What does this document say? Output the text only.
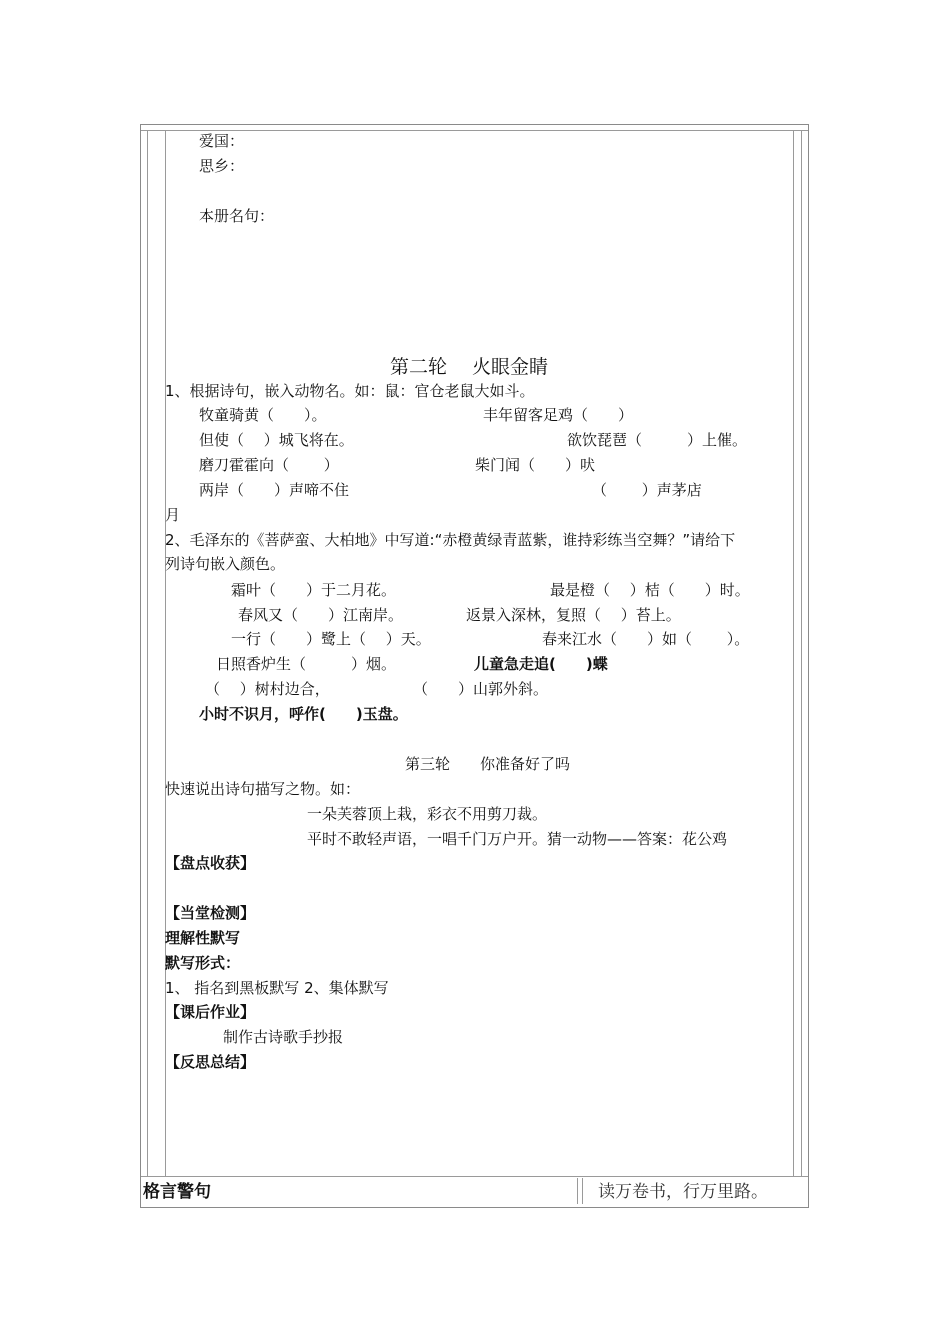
爱国：
思乡：
本册名句：
第二轮　 火眼金睛
1、根据诗句，嵌入动物名。如：鼠：官仓老鼠大如斗。
牧童骑黄（　　）。	丰年留客足鸡（　　）
但使（　 ）城飞将在。	欲饮琵琶（　　　）上催。
磨刀霍霍向（　　 ）	柴门闻（　　）吠
两岸（　　）声啼不住	（　　 ）声茅店
月
2、毛泽东的《菩萨蛮、大柏地》中写道:“赤橙黄绿青蓝紫，谁持彩练当空舞？”请给下
列诗句嵌入颜色。
霜叶（　　）于二月花。	最是橙（　 ）桔（　　）时。
春风又（　　）江南岸。	返景入深林，复照（　 ）苔上。
一行（　　）鹭上（　 ）天。	春来江水（　　）如（　　 ）。
日照香炉生（　　　）烟。	儿童急走追(　　)蝶
（　 ）树村边合，	（　　）山郭外斜。
小时不识月，呼作(　　)玉盘。
第三轮　　你准备好了吗
快速说出诗句描写之物。如：
一朵芙蓉顶上栽，彩衣不用剪刀裁。
平时不敢轻声语，一唱千门万户开。猜一动物——答案：花公鸡
【盘点收获】
【当堂检测】
理解性默写
默写形式：
1、 指名到黑板默写 2、集体默写
【课后作业】
制作古诗歌手抄报
【反思总结】
格言警句	读万卷书，行万里路。
